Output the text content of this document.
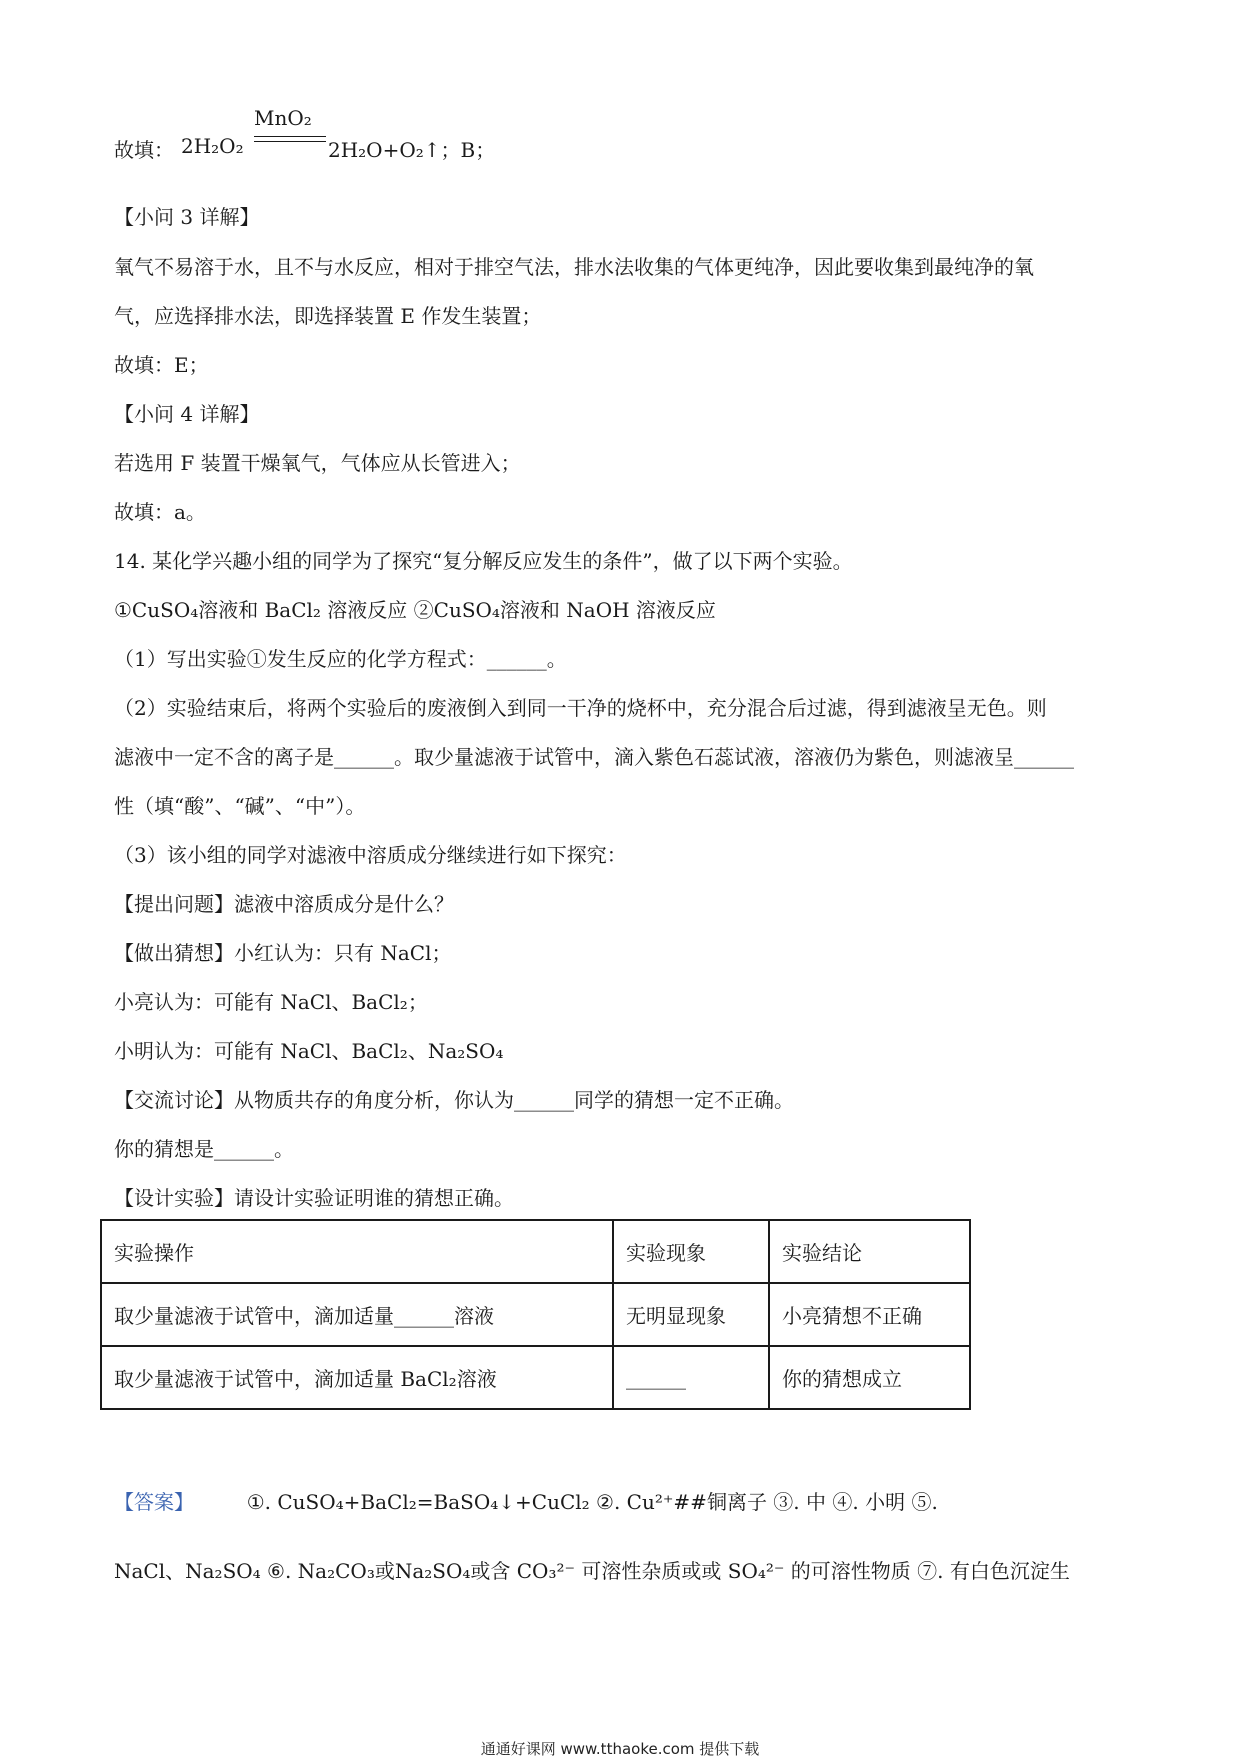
故填： 2H₂O₂
MnO₂
2H₂O+O₂↑；B；
【小问 3 详解】
氧气不易溶于水，且不与水反应，相对于排空气法，排水法收集的气体更纯净，因此要收集到最纯净的氧
气，应选择排水法，即选择装置 E 作发生装置；
故填：E；
【小问 4 详解】
若选用 F 装置干燥氧气，气体应从长管进入；
故填：a。
14. 某化学兴趣小组的同学为了探究“复分解反应发生的条件”，做了以下两个实验。
①CuSO₄溶液和 BaCl₂ 溶液反应 ②CuSO₄溶液和 NaOH 溶液反应
（1）写出实验①发生反应的化学方程式：______。
（2）实验结束后，将两个实验后的废液倒入到同一干净的烧杯中，充分混合后过滤，得到滤液呈无色。则
滤液中一定不含的离子是______。取少量滤液于试管中，滴入紫色石蕊试液，溶液仍为紫色，则滤液呈______
性（填“酸”、“碱”、“中”）。
（3）该小组的同学对滤液中溶质成分继续进行如下探究：
【提出问题】滤液中溶质成分是什么？
【做出猜想】小红认为：只有 NaCl；
小亮认为：可能有 NaCl、BaCl₂；
小明认为：可能有 NaCl、BaCl₂、Na₂SO₄
【交流讨论】从物质共存的角度分析，你认为______同学的猜想一定不正确。
你的猜想是______。
【设计实验】请设计实验证明谁的猜想正确。
实验操作	实验现象	实验结论
取少量滤液于试管中，滴加适量______溶液	无明显现象	小亮猜想不正确
取少量滤液于试管中，滴加适量 BaCl₂溶液	______	你的猜想成立
【答案】	①. CuSO₄+BaCl₂=BaSO₄↓+CuCl₂ ②. Cu²⁺##铜离子 ③. 中 ④. 小明 ⑤.
NaCl、Na₂SO₄ ⑥. Na₂CO₃或Na₂SO₄或含 CO₃²⁻ 可溶性杂质或或 SO₄²⁻ 的可溶性物质 ⑦. 有白色沉淀生
通通好课网 www.tthaoke.com 提供下载
